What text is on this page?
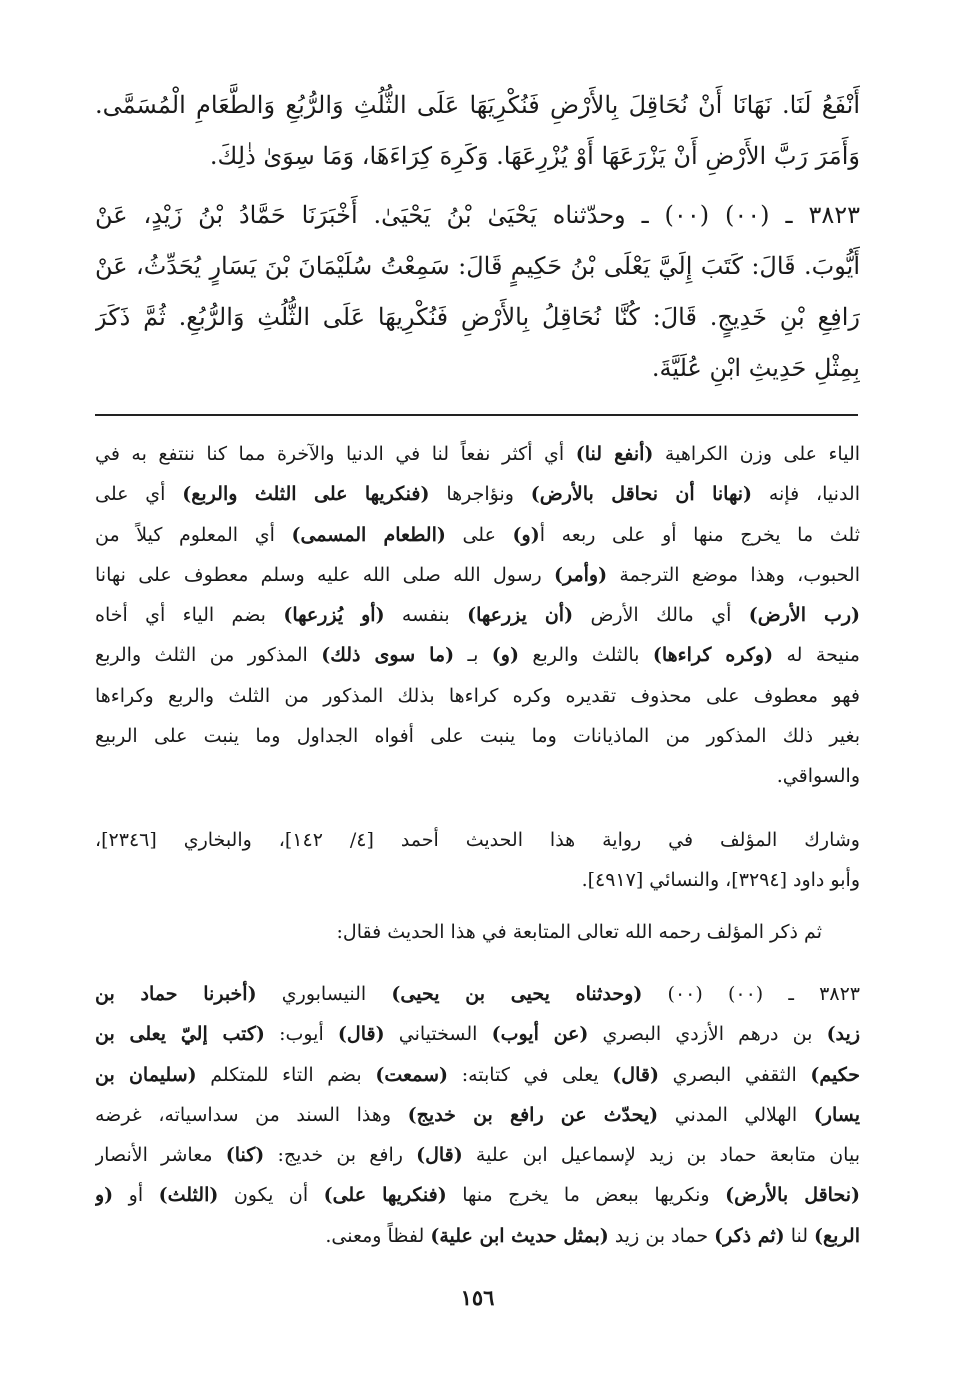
أَنْفَعُ لَنَا. نَهَانَا أَنْ نُحَاقِلَ بِالأَرْضِ فَنُكْرِيَهَا عَلَى الثُّلُثِ وَالرُّبُعِ وَالطَّعَامِ الْمُسَمَّى.
وَأَمَرَ رَبَّ الأَرْضِ أَنْ يَزْرَعَهَا أَوْ يُزْرِعَهَا. وَكَرِهَ كِرَاءَهَا، وَمَا سِوَىٰ ذٰلِكَ.
٣٨٢٣ ـ (٠٠) (٠٠) ـ وحدّثناه يَحْيَىٰ بْنُ يَحْيَىٰ. أَخْبَرَنَا حَمَّادُ بْنُ زَيْدٍ، عَنْ
أَيُّوبَ. قَالَ: كَتَبَ إِلَيَّ يَعْلَى بْنُ حَكِيمٍ قَالَ: سَمِعْتُ سُلَيْمَانَ بْنَ يَسَارٍ يُحَدِّثُ، عَنْ
رَافِعِ بْنِ خَدِيجٍ. قَالَ: كُنَّا نُحَاقِلُ بِالأَرْضِ فَنُكْرِيهَا عَلَى الثُّلُثِ وَالرُّبُعِ. ثُمَّ ذَكَرَ
بِمِثْلِ حَدِيثِ ابْنِ عُلَيَّةَ.
الياء على وزن الكراهية (أنفع لنا) أي أكثر نفعاً لنا في الدنيا والآخرة مما كنا ننتفع به في
الدنيا، فإنه (نهانا أن نحاقل بالأرض) ونؤاجرها (فنكريها على الثلث والربع) أي على
ثلث ما يخرج منها أو على ربعه أ(و) على (الطعام المسمى) أي المعلوم كيلاً من
الحبوب، وهذا موضع الترجمة (وأمر) رسول الله صلى الله عليه وسلم معطوف على نهانا
(رب الأرض) أي مالك الأرض (أن يزرعها) بنفسه (أو يُزرعها) بضم الياء أي أخاه
منيحة له (وكره كراءها) بالثلث والربع (و) بـ (ما سوى ذلك) المذكور من الثلث والربع
فهو معطوف على محذوف تقديره وكره كراءها بذلك المذكور من الثلث والربع وكراءها
بغير ذلك المذكور من الماذيانات وما ينبت على أفواه الجداول وما ينبت على الربيع
والسواقي.
وشارك المؤلف في رواية هذا الحديث أحمد [٤/ ١٤٢]، والبخاري [٢٣٤٦]،
وأبو داود [٣٢٩٤]، والنسائي [٤٩١٧].
ثم ذكر المؤلف رحمه الله تعالى المتابعة في هذا الحديث فقال:
٣٨٢٣ ـ (٠٠) (٠٠) (وحدثناه يحيى بن يحيى) النيسابوري (أخبرنا حماد بن
زيد) بن درهم الأزدي البصري (عن أيوب) السختياني (قال) أيوب: (كتب إليّ يعلى بن
حكيم) الثقفي البصري (قال) يعلى في كتابته: (سمعت) بضم التاء للمتكلم (سليمان بن
يسار) الهلالي المدني (يحدّث عن رافع بن خديج) وهذا السند من سداسياته، غرضه
بيان متابعة حماد بن زيد لإسماعيل ابن علية (قال) رافع بن خديج: (كنا) معاشر الأنصار
(نحاقل بالأرض) ونكريها ببعض ما يخرج منها (فنكريها على) أن يكون (الثلث) أو (و
الربع) لنا (ثم ذكر) حماد بن زيد (بمثل حديث ابن علية) لفظاً ومعنى.
١٥٦
